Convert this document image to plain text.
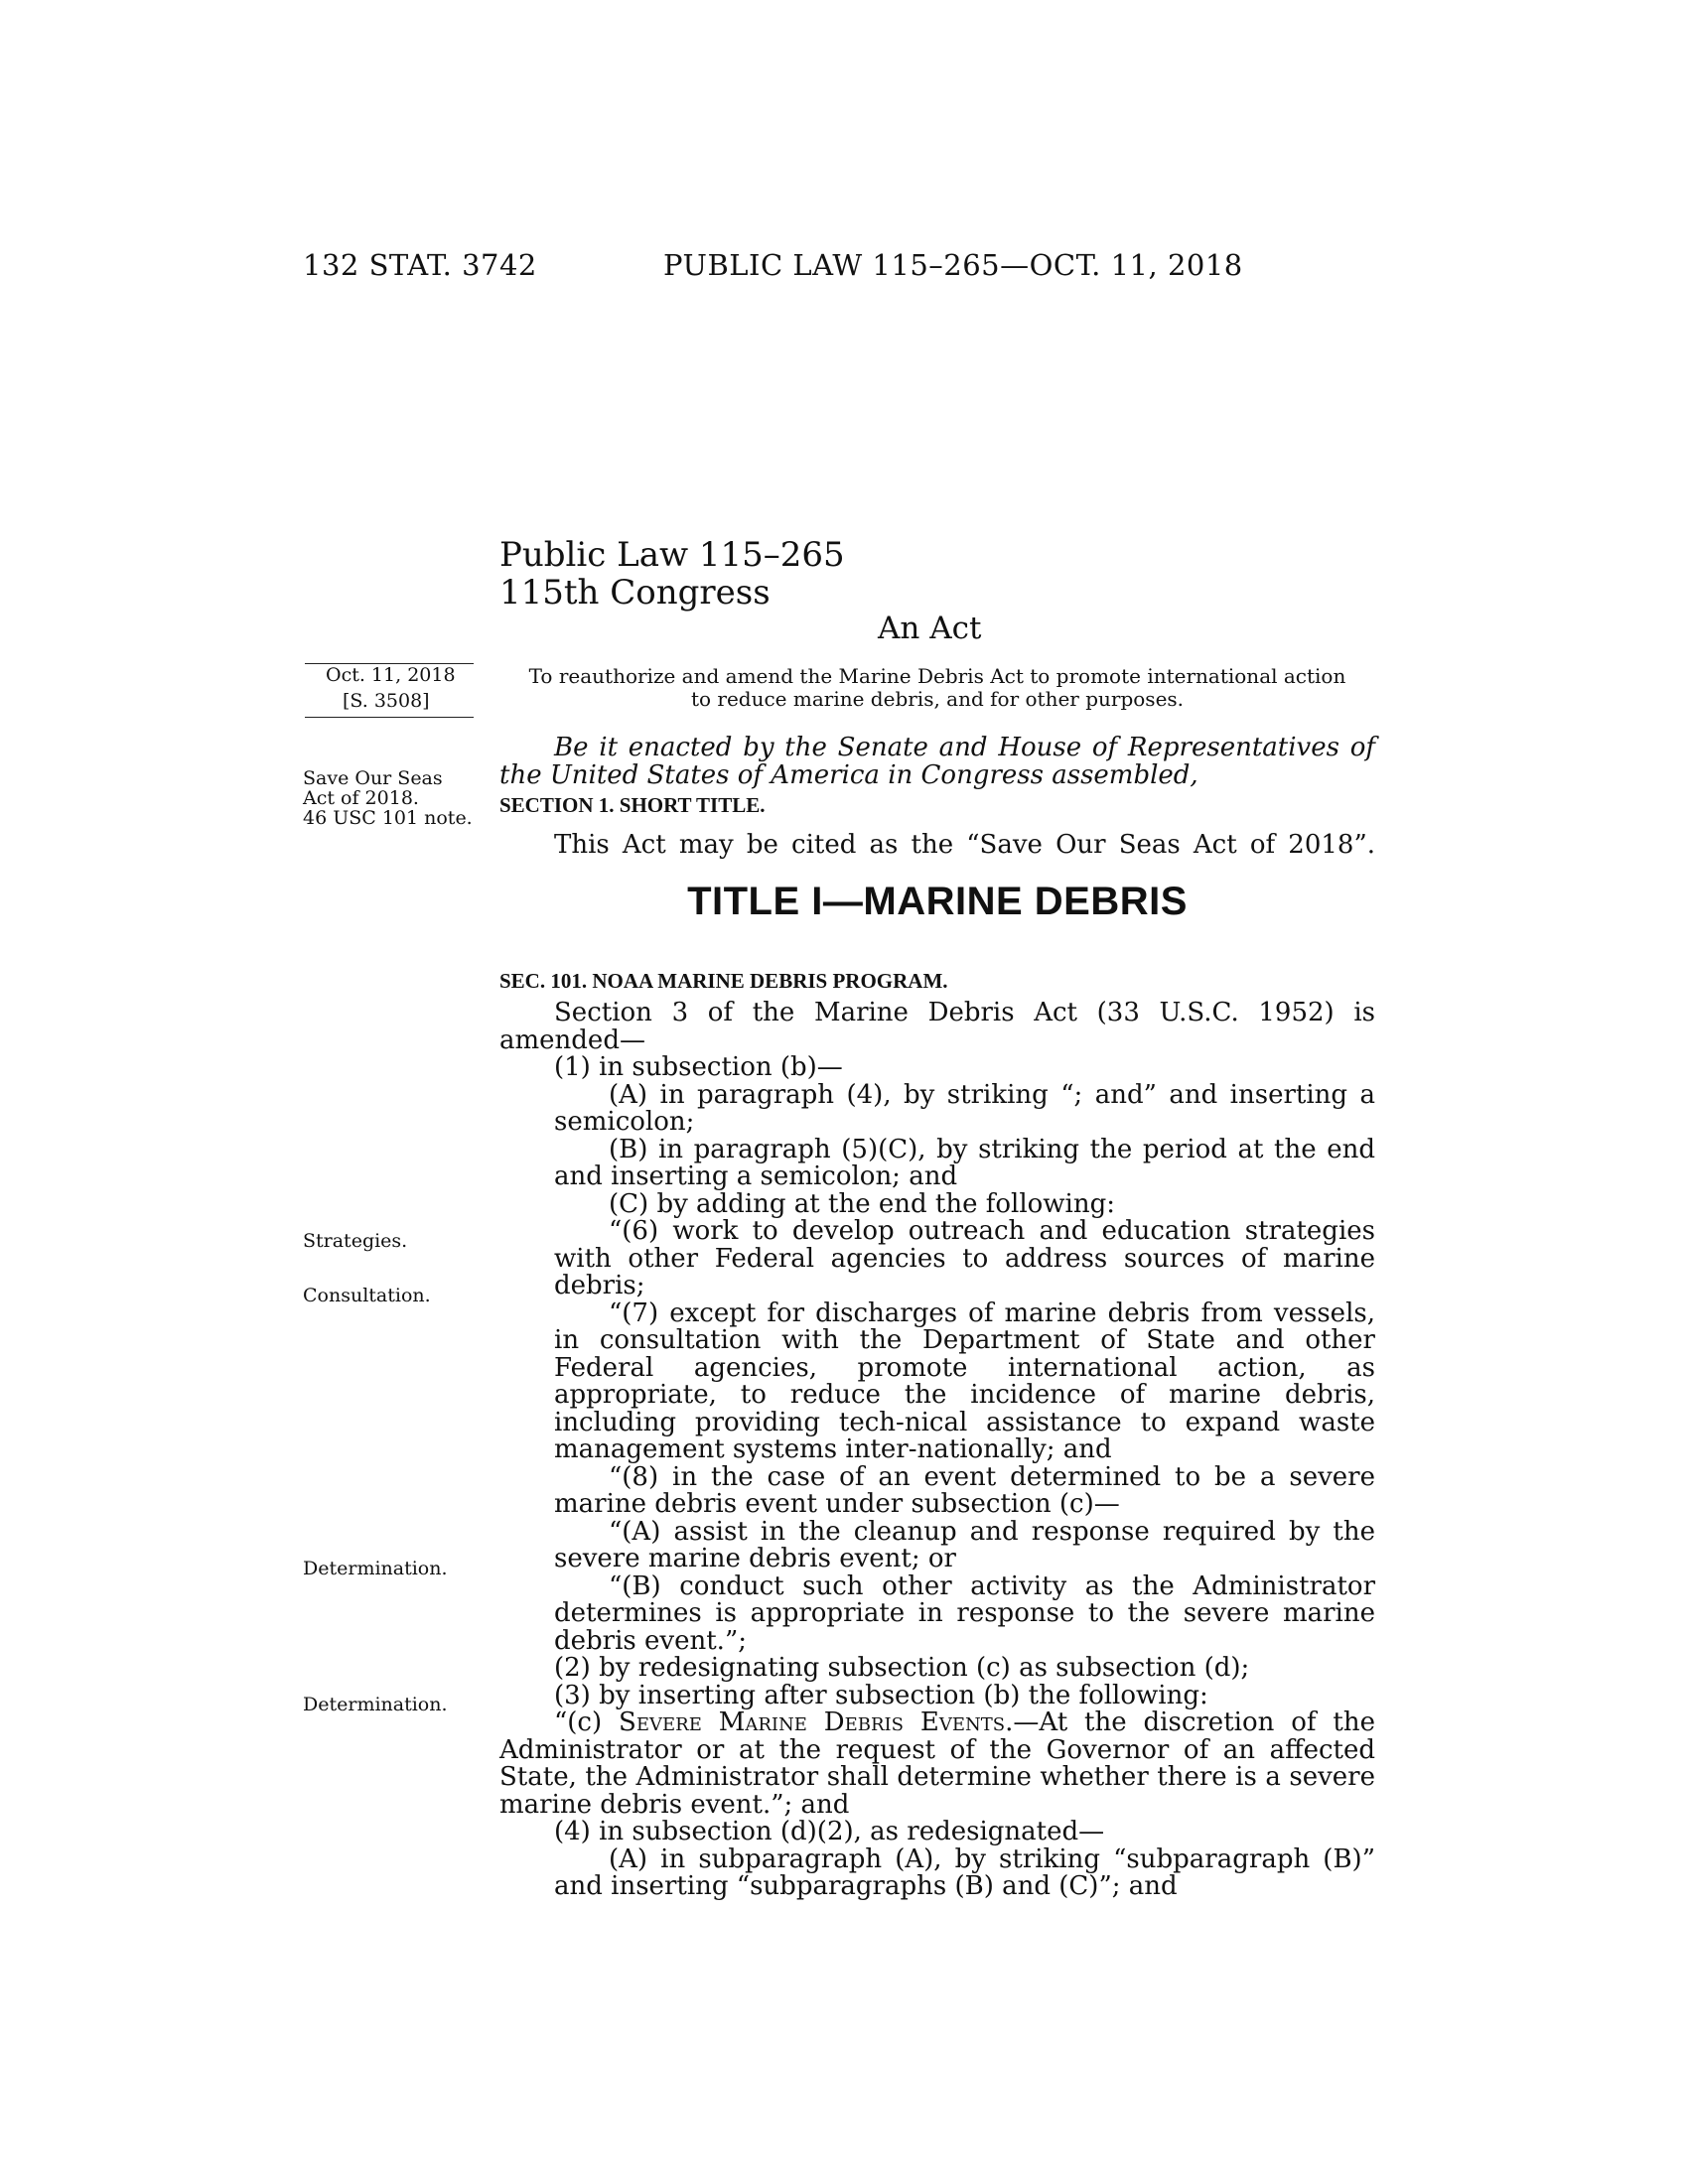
132 STAT. 3742	PUBLIC LAW 115–265—OCT. 11, 2018
Public Law 115–265
115th Congress
An Act
Oct. 11, 2018
[S. 3508]
Save Our Seas
Act of 2018.
46 USC 101 note.
Strategies.
Consultation.
Determination.
Determination.
To reauthorize and amend the Marine Debris Act to promote international action
to reduce marine debris, and for other purposes.
Be it enacted by the Senate and House of Representatives of
the United States of America in Congress assembled,
SECTION 1. SHORT TITLE.
This Act may be cited as the “Save Our Seas Act of 2018”.
TITLE I—MARINE DEBRIS
SEC. 101. NOAA MARINE DEBRIS PROGRAM.
Section 3 of the Marine Debris Act (33 U.S.C. 1952) is amended—
(1) in subsection (b)—
(A) in paragraph (4), by striking “; and” and inserting a semicolon;
(B) in paragraph (5)(C), by striking the period at the end and inserting a semicolon; and
(C) by adding at the end the following:
“(6) work to develop outreach and education strategies with other Federal agencies to address sources of marine debris;
“(7) except for discharges of marine debris from vessels, in consultation with the Department of State and other Federal agencies, promote international action, as appropriate, to reduce the incidence of marine debris, including providing tech-nical assistance to expand waste management systems inter-nationally; and
“(8) in the case of an event determined to be a severe marine debris event under subsection (c)—
“(A) assist in the cleanup and response required by the severe marine debris event; or
“(B) conduct such other activity as the Administrator determines is appropriate in response to the severe marine debris event.”;
(2) by redesignating subsection (c) as subsection (d);
(3) by inserting after subsection (b) the following:
“(c) Severe Marine Debris Events.—At the discretion of the Administrator or at the request of the Governor of an affected State, the Administrator shall determine whether there is a severe marine debris event.”; and
(4) in subsection (d)(2), as redesignated—
(A) in subparagraph (A), by striking “subparagraph (B)” and inserting “subparagraphs (B) and (C)”; and
